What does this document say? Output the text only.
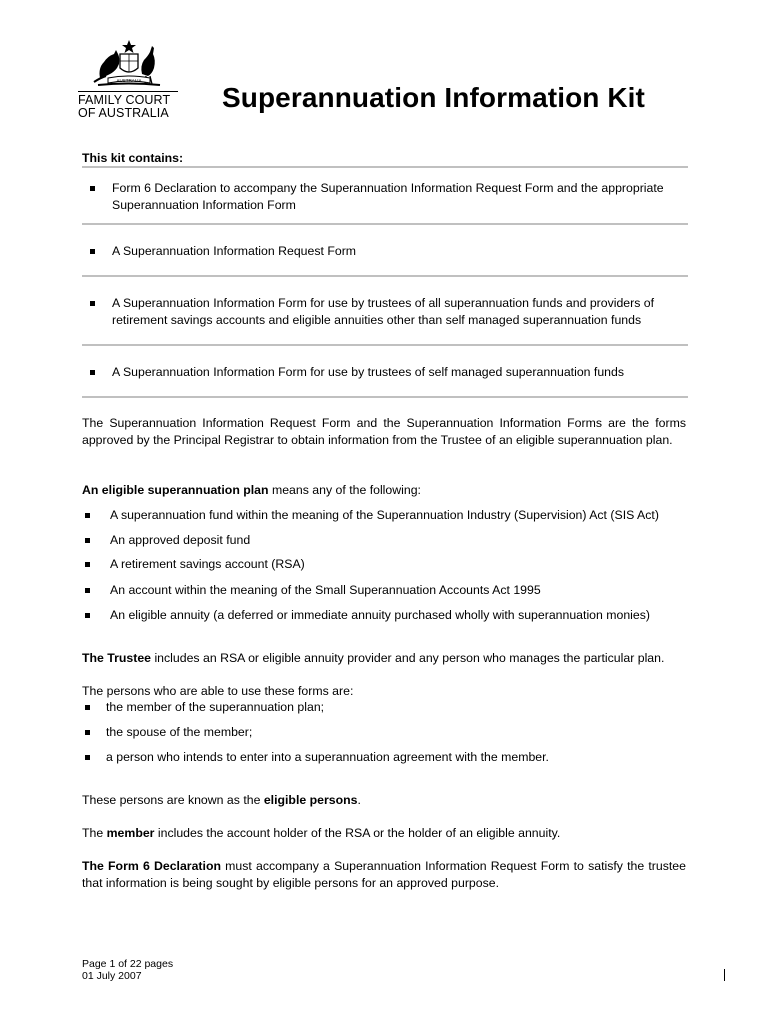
AUSTRALIA
FAMILY COURT
OF AUSTRALIA	Superannuation Information Kit
This kit contains:
Form 6 Declaration to accompany the Superannuation Information Request Form and the appropriate Superannuation Information Form
A Superannuation Information Request Form
A Superannuation Information Form for use by trustees of all superannuation funds and providers of retirement savings accounts and eligible annuities other than self managed superannuation funds
A Superannuation Information Form for use by trustees of self managed superannuation funds
The Superannuation Information Request Form and the Superannuation Information Forms are the forms approved by the Principal Registrar to obtain information from the Trustee of an eligible superannuation plan.
An eligible superannuation plan means any of the following:
A superannuation fund within the meaning of the Superannuation Industry (Supervision) Act (SIS Act)
An approved deposit fund
A retirement savings account (RSA)
An account within the meaning of the Small Superannuation Accounts Act 1995
An eligible annuity (a deferred or immediate annuity purchased wholly with superannuation monies)
The Trustee includes an RSA or eligible annuity provider and any person who manages the particular plan.
The persons who are able to use these forms are:
the member of the superannuation plan;
the spouse of the member;
a person who intends to enter into a superannuation agreement with the member.
These persons are known as the eligible persons.
The member includes the account holder of the RSA or the holder of an eligible annuity.
The Form 6 Declaration must accompany a Superannuation Information Request Form to satisfy the trustee that information is being sought by eligible persons for an approved purpose.
Page 1 of 22 pages
01 July 2007
